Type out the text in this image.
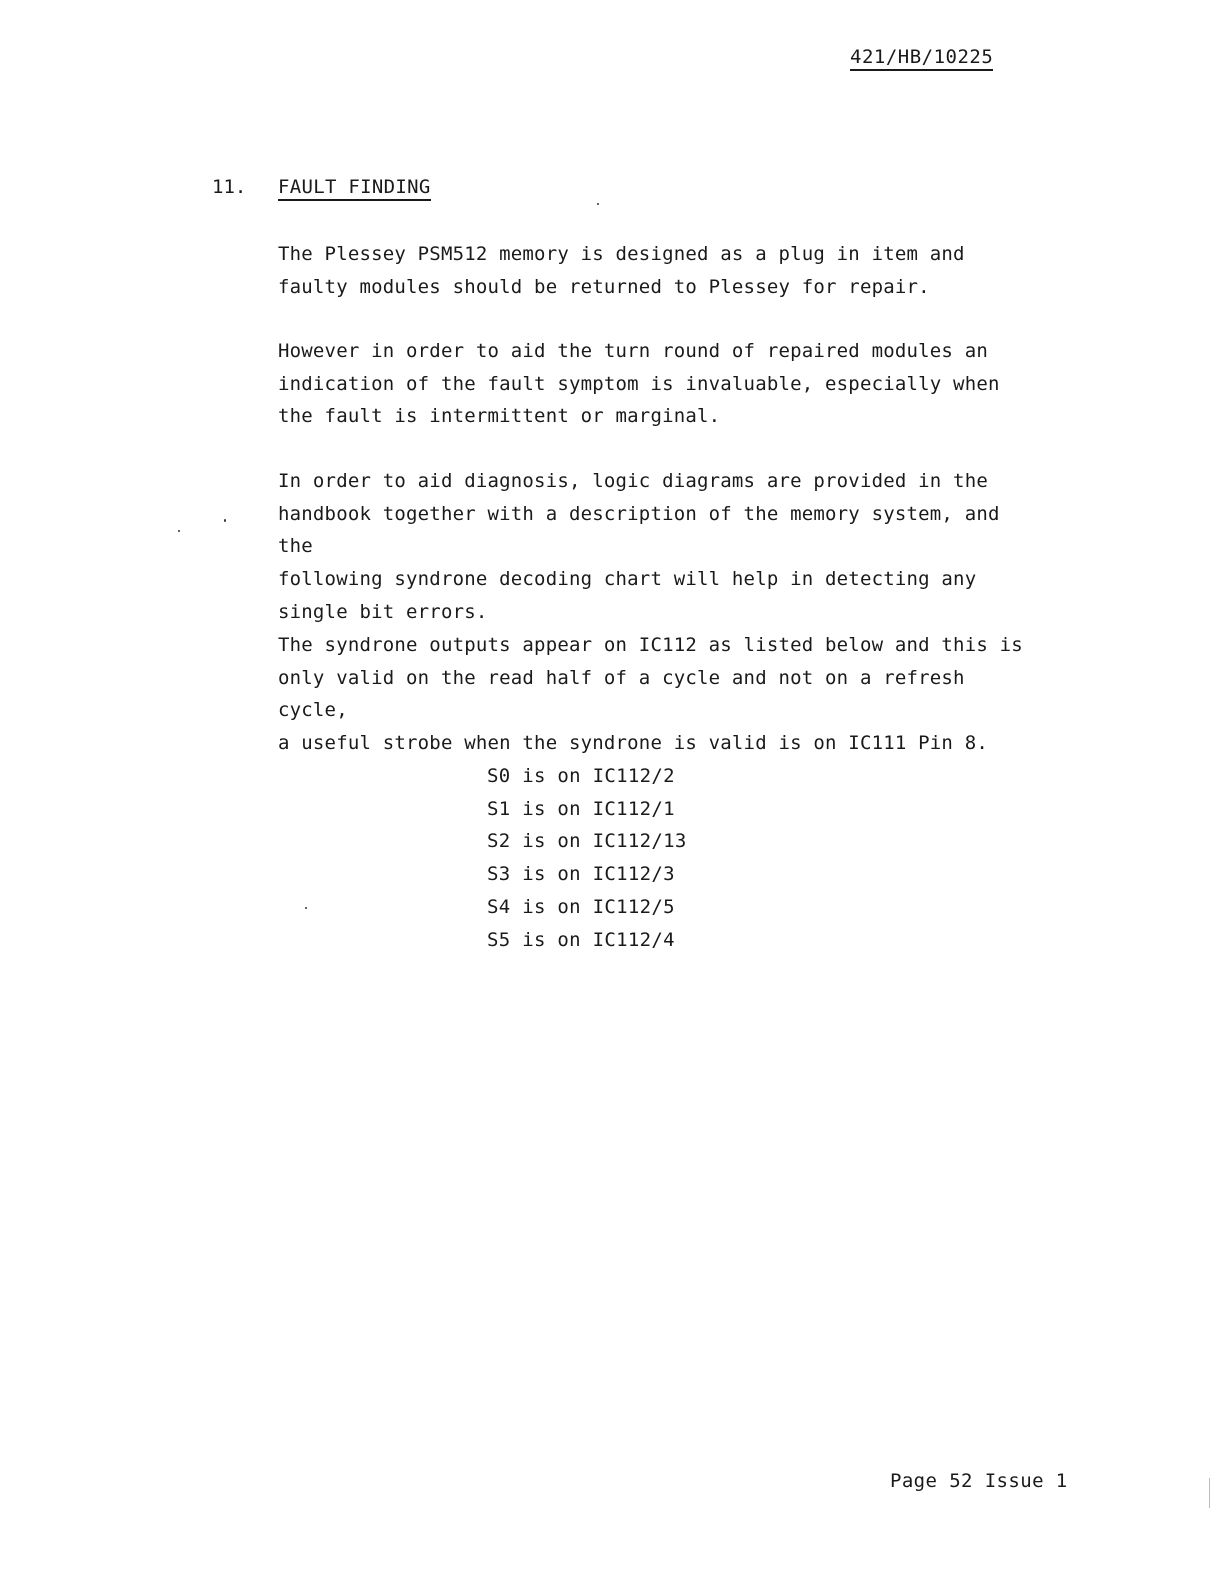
421/HB/10225
11. FAULT FINDING

The Plessey PSM512 memory is designed as a plug in item and
faulty modules should be returned to Plessey for repair.

However in order to aid the turn round of repaired modules an
indication of the fault symptom is invaluable, especially when
the fault is intermittent or marginal.

In order to aid diagnosis, logic diagrams are provided in the
handbook together with a description of the memory system, and the
following syndrone decoding chart will help in detecting any
single bit errors.

The syndrone outputs appear on IC112 as listed below and this is
only valid on the read half of a cycle and not on a refresh cycle,
a useful strobe when the syndrone is valid is on IC111 Pin 8.

S0 is on IC112/2
S1 is on IC112/1
S2 is on IC112/13
S3 is on IC112/3
S4 is on IC112/5
S5 is on IC112/4
Page 52 Issue 1
